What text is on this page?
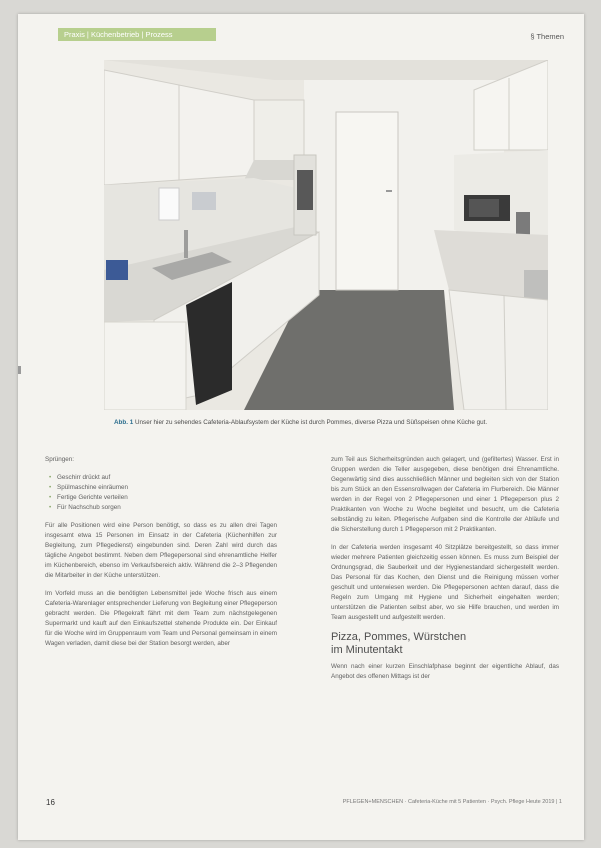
Praxis | Küchenbetrieb | Prozess	§ Themen
Abb. 1 Unser hier zu sehendes Cafeteria-Ablaufsystem der Küche ist durch Pommes, diverse Pizza und Süßspeisen ohne Küche gut.

Sprüngen:

• Geschirr drückt auf
• Spülmaschine einräumen
• Fertige Gerichte verteilen
• Für Nachschub sorgen

Für alle Positionen wird eine Person benötigt, so dass es zu allen drei Tagen insgesamt etwa 15 Personen im Einsatz in der Cafeteria (Küchenhilfen zur Begleitung, zum Pflegedienst) eingebunden sind. Deren Zahl wird durch das tägliche Angebot bestimmt. Neben dem Pflegepersonal sind ehrenamtliche Helfer im Küchenbereich, ebenso im Verkaufsbereich aktiv. Während die 2–3 Pflegenden die Mitarbeiter in der Küche unterstützen.

Im Vorfeld muss an die benötigten Lebensmittel jede Woche frisch aus einem Cafeteria-Warenlager entsprechender Lieferung von Begleitung einer Pflegeperson gebracht werden. Die Pflegekraft fährt mit dem Team zum nächstgelegenen Supermarkt und kauft auf den Einkaufszettel stehende Produkte ein. Der Einkauf für die Woche wird im Gruppenraum vom Team und Personal gemeinsam in einem Wagen verladen, damit diese bei der Station besorgt werden, aber

zum Teil aus Sicherheitsgründen auch gelagert, und (gefiltertes) Wasser. Erst in Gruppen werden die Teller ausgegeben, diese benötigen drei Ehrenamtliche. Gegenwärtig sind dies ausschließlich Männer und begleiten sich von der Station bis zum Stück an den Essensrollwagen der Cafeteria im Flurbereich. Die Männer werden in der Regel von 2 Pflegepersonen und einer 1 Pflegeperson plus 2 Praktikanten von Woche zu Woche begleitet und besucht, um die Cafeteria selbständig zu leiten. Pflegerische Aufgaben sind die Kontrolle der Abläufe und die Sicherstellung durch 1 Pflegeperson mit 2 Praktikanten.

In der Cafeteria werden insgesamt 40 Sitzplätze bereitgestellt, so dass immer wieder mehrere Patienten gleichzeitig essen können. Es muss zum Beispiel der Ordnungsgrad, die Sauberkeit und der Hygienestandard sichergestellt werden. Das Personal für das Kochen, den Dienst und die Reinigung müssen vorher geschult und unterwiesen werden. Die Pflegepersonen achten darauf, dass die Regeln zum Umgang mit Hygiene und Sicherheit eingehalten werden; unterstützen die Patienten selbst aber, wo sie Hilfe brauchen, und werden im Team ausgestellt und aufgestellt werden.

Pizza, Pommes, Würstchen
im Minutentakt

Wenn nach einer kurzen Einschlafphase beginnt der eigentliche Ablauf, das Angebot des offenen Mittags ist der

16	PFLEGEN+MENSCHEN · Cafeteria-Küche mit 5 Patienten · Psych. Pflege Heute 2019 | 1
